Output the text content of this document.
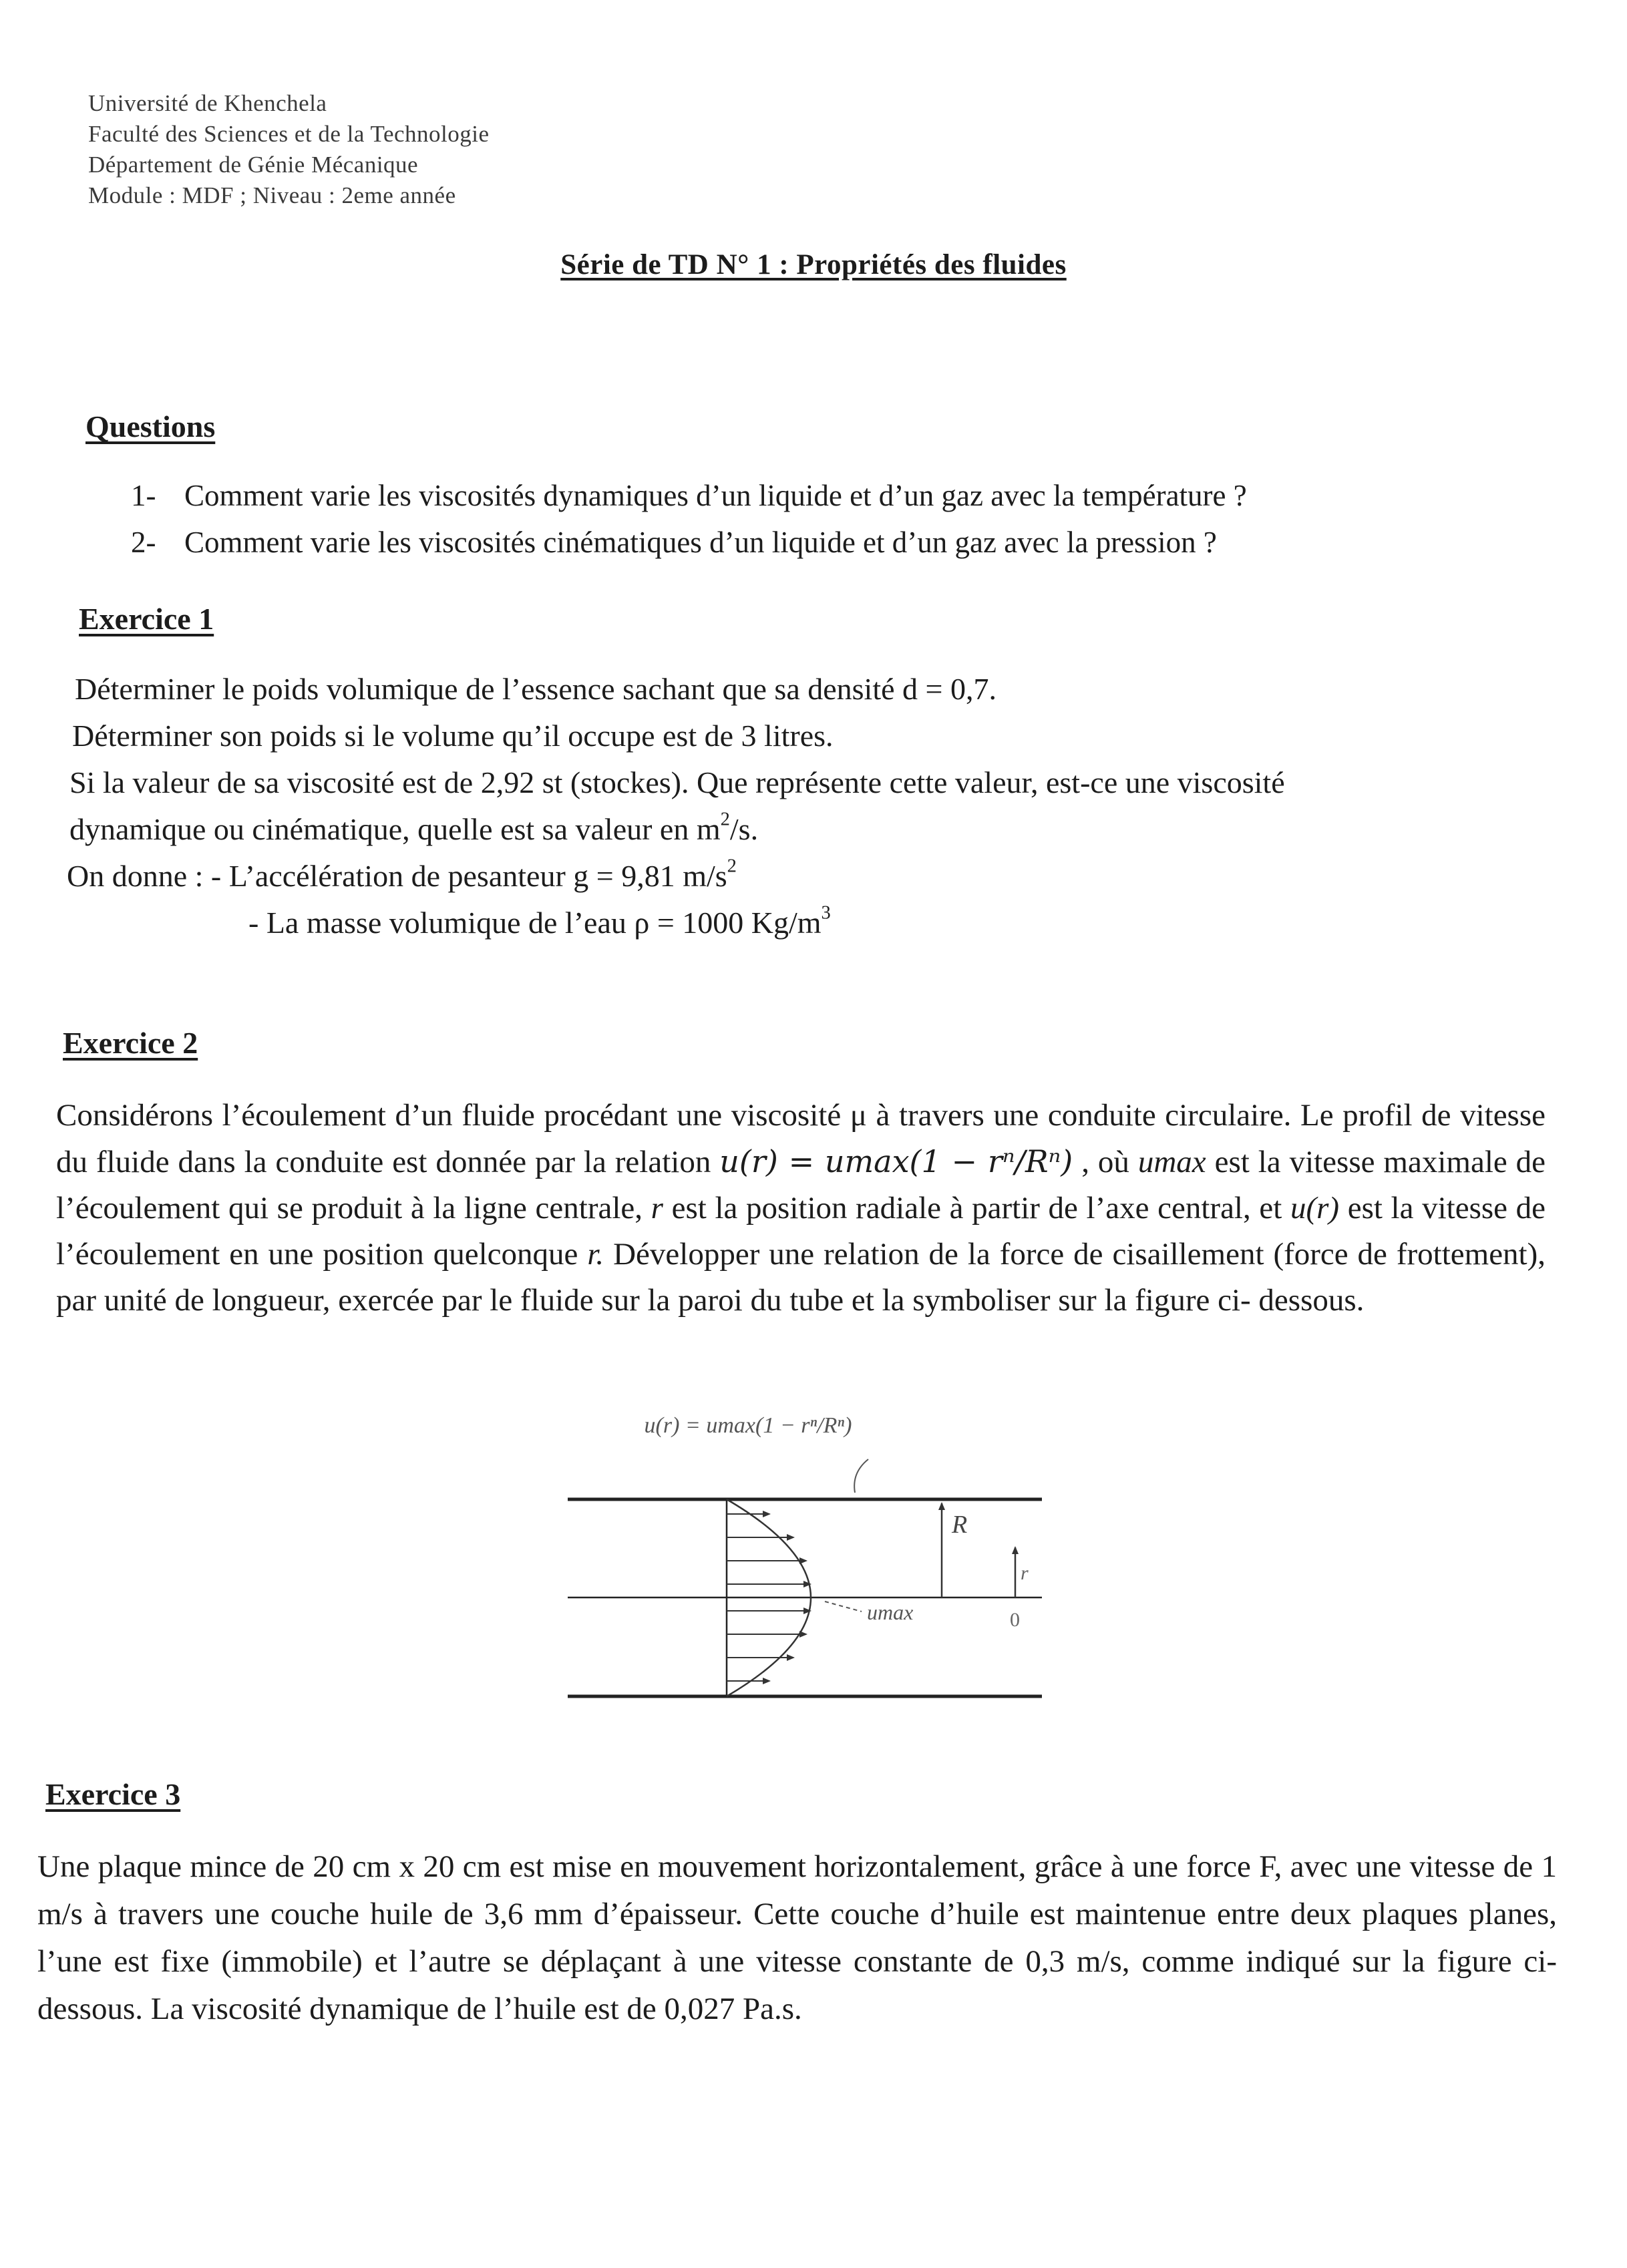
Université de Khenchela
Faculté des Sciences et de la Technologie
Département de Génie Mécanique
Module : MDF ; Niveau : 2eme année
Série de TD N° 1 : Propriétés des fluides
Questions
1- Comment varie les viscosités dynamiques d’un liquide et d’un gaz avec la température ?
2- Comment varie les viscosités cinématiques d’un liquide et d’un gaz avec la pression ?
Exercice 1
Déterminer le poids volumique de l’essence sachant que sa densité d = 0,7.
Déterminer son poids si le volume qu’il occupe est de 3 litres.
Si la valeur de sa viscosité est de 2,92 st (stockes). Que représente cette valeur, est-ce une viscosité
dynamique ou cinématique, quelle est sa valeur en $m^2/s$.
On donne : - L’accélération de pesanteur g = 9,81 $m/s^2$
- La masse volumique de l’eau ρ = 1000 $Kg/m^3$
Exercice 2

Considérons l’écoulement d’un fluide procédant une viscosité μ à travers une conduite circulaire. Le profil de vitesse du fluide dans la conduite est donnée par la relation u(r) = umax(1 − rⁿ/Rⁿ) , où umax est la vitesse maximale de l’écoulement qui se produit à la ligne centrale, r est la position radiale à partir de l’axe central, et u(r) est la vitesse de l’écoulement en une position quelconque r. Développer une relation de la force de cisaillement (force de frottement), par unité de longueur, exercée par le fluide sur la paroi du tube et la symboliser sur la figure ci- dessous.

u(r) = umax(1 − rⁿ/Rⁿ)
R
r
0
umax
Exercice 3

Une plaque mince de 20 cm x 20 cm est mise en mouvement horizontalement, grâce à une force F, avec une vitesse de 1 m/s à travers une couche huile de 3,6 mm d’épaisseur. Cette couche d’huile est maintenue entre deux plaques planes, l’une est fixe (immobile) et l’autre se déplaçant à une vitesse constante de 0,3 m/s, comme indiqué sur la figure ci-dessous. La viscosité dynamique de l’huile est de 0,027 Pa.s.
